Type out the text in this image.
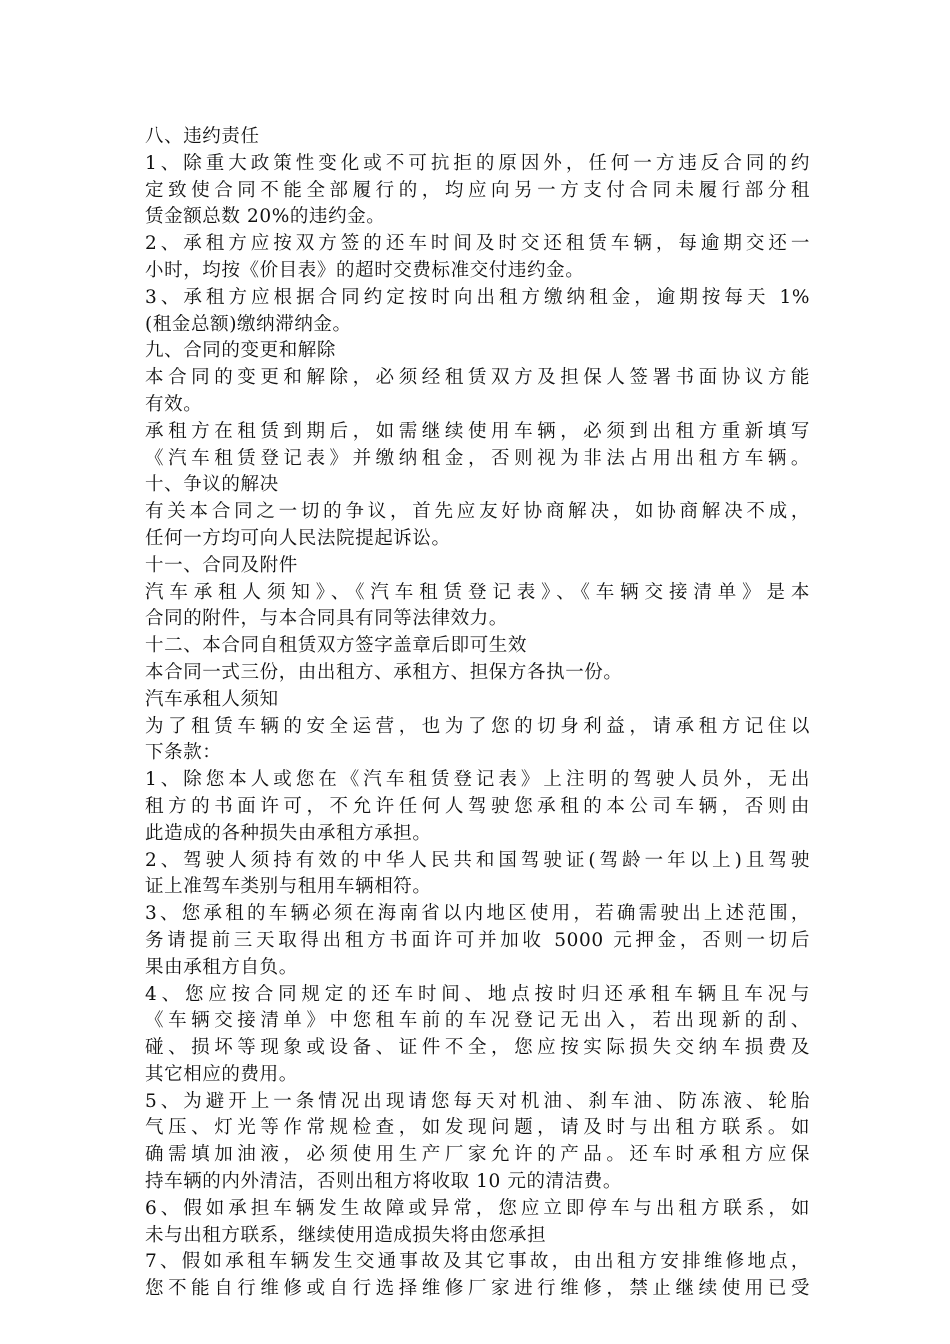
八、违约责任
1、除重大政策性变化或不可抗拒的原因外，任何一方违反合同的约
定致使合同不能全部履行的，均应向另一方支付合同未履行部分租
赁金额总数 20%的违约金。
2、承租方应按双方签的还车时间及时交还租赁车辆，每逾期交还一
小时，均按《价目表》的超时交费标准交付违约金。
3、承租方应根据合同约定按时向出租方缴纳租金，逾期按每天 1%
(租金总额)缴纳滞纳金。
九、合同的变更和解除
本合同的变更和解除，必须经租赁双方及担保人签署书面协议方能
有效。
承租方在租赁到期后，如需继续使用车辆，必须到出租方重新填写
《汽车租赁登记表》并缴纳租金，否则视为非法占用出租方车辆。
十、争议的解决
有关本合同之一切的争议，首先应友好协商解决，如协商解决不成，
任何一方均可向人民法院提起诉讼。
十一、合同及附件
汽车承租人须知》、《汽车租赁登记表》、《车辆交接清单》是本
合同的附件，与本合同具有同等法律效力。
十二、本合同自租赁双方签字盖章后即可生效
本合同一式三份，由出租方、承租方、担保方各执一份。
汽车承租人须知
为了租赁车辆的安全运营，也为了您的切身利益，请承租方记住以
下条款：
1、除您本人或您在《汽车租赁登记表》上注明的驾驶人员外，无出
租方的书面许可，不允许任何人驾驶您承租的本公司车辆，否则由
此造成的各种损失由承租方承担。
2、驾驶人须持有效的中华人民共和国驾驶证(驾龄一年以上)且驾驶
证上准驾车类别与租用车辆相符。
3、您承租的车辆必须在海南省以内地区使用，若确需驶出上述范围，
务请提前三天取得出租方书面许可并加收 5000 元押金，否则一切后
果由承租方自负。
4、您应按合同规定的还车时间、地点按时归还承租车辆且车况与
《车辆交接清单》中您租车前的车况登记无出入，若出现新的刮、
碰、损坏等现象或设备、证件不全，您应按实际损失交纳车损费及
其它相应的费用。
5、为避开上一条情况出现请您每天对机油、刹车油、防冻液、轮胎
气压、灯光等作常规检查，如发现问题，请及时与出租方联系。如
确需填加油液，必须使用生产厂家允许的产品。还车时承租方应保
持车辆的内外清洁，否则出租方将收取 10 元的清洁费。
6、假如承担车辆发生故障或异常，您应立即停车与出租方联系，如
未与出租方联系，继续使用造成损失将由您承担
7、假如承租车辆发生交通事故及其它事故，由出租方安排维修地点，
您不能自行维修或自行选择维修厂家进行维修，禁止继续使用已受
